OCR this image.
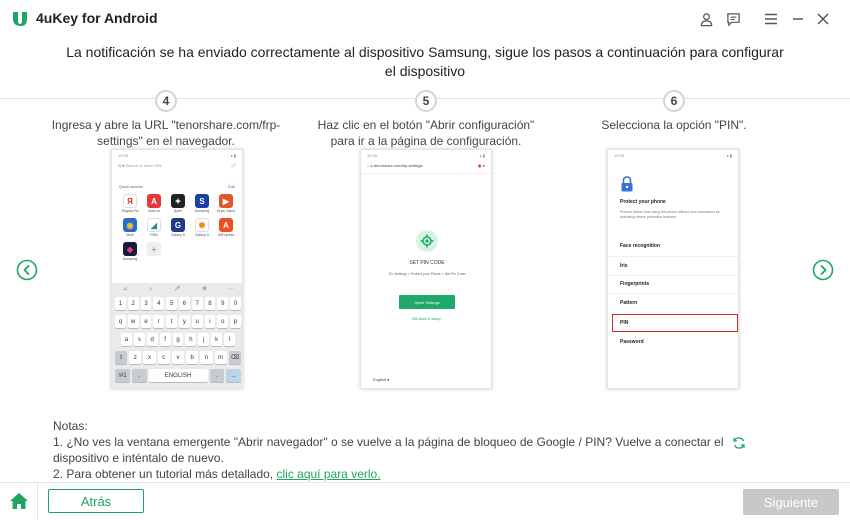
4uKey for Android
La notificación se ha enviado correctamente al dispositivo Samsung, sigue los pasos a continuación para configurar el dispositivo
4
Ingresa y abre la URL "tenorshare.com/frp-settings" en el navegador.
10:39	▴ ▮
G ▾ Search or enter URL	🎤︎
Quick access	Edit
Я
Яндекс.Ри
A
Avito.ru
✦
Дзен
S
Samsung
▶
Игры Sams
◉
Mobi
◢
PNN
G
Galaxy S
✺
Galaxy A
A
AliExpress
◆
Samsung
+
☺	⌂	🎤︎	⚙	⋯
1	2	3	4	5	6	7	8	9	0
q	w	e	r	t	y	u	i	o	p
a	s	d	f	g	h	j	k	l
⇧	z	x	c	v	b	n	m	⌫
!#1	,	ENGLISH	.	→
5
Haz clic en el botón "Abrir configuración" para ir a la página de configuración.
10:39	▴ ▮
⌂ 🔒︎ tenorshare.com/frp-settings	▣ ●
SET PIN CODE
Go Settings > Protect your Phone > Set Pin Code
Open Settings
Still stuck in setup?
English ▾
6
Selecciona la opción "PIN".
10:39	▴ ▮
Protect your phone
Prevent others from using this phone without your permission by activating device protection features.
Face recognition
Iris
Fingerprints
Pattern
PIN
Password
Notas:
1. ¿No ves la ventana emergente "Abrir navegador" o se vuelve a la página de bloqueo de Google / PIN? Vuelve a conectar el
dispositivo e inténtalo de nuevo.
2. Para obtener un tutorial más detallado, clic aquí para verlo.
Atrás	Siguiente
